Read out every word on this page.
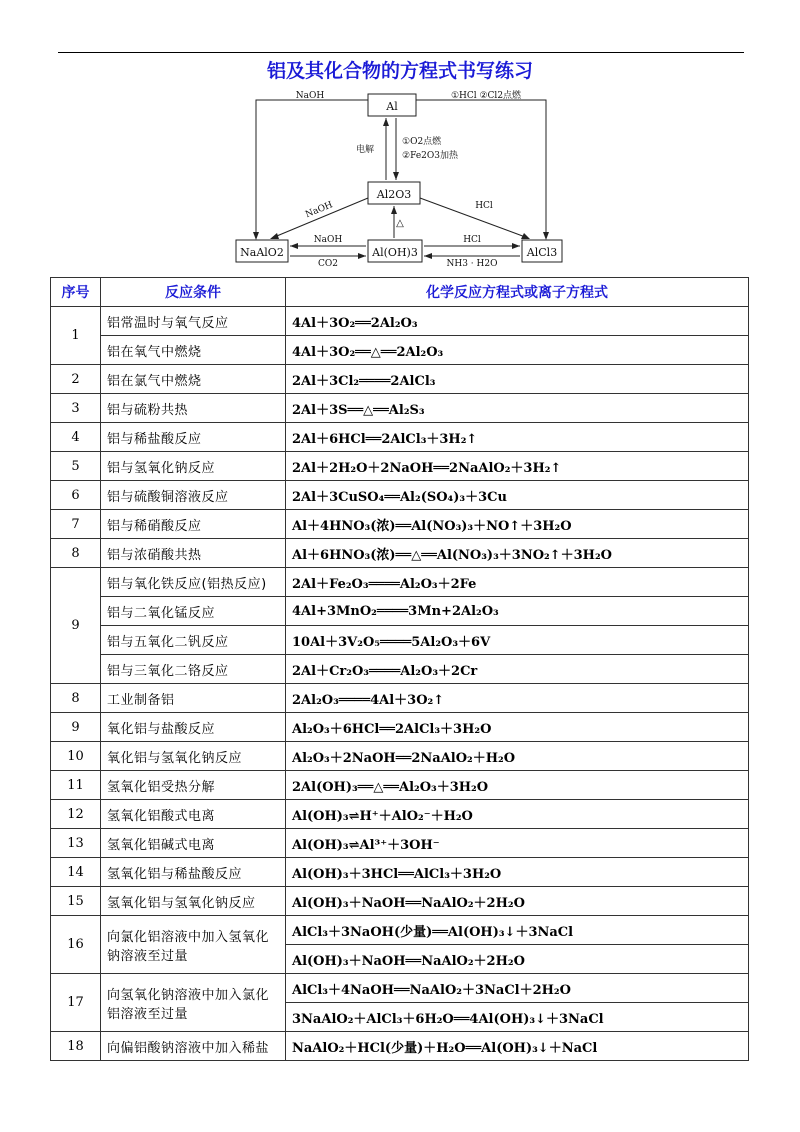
铝及其化合物的方程式书写练习
Al
Al2O3
NaAlO2	Al(OH)3	AlCl3
NaOH	①HCl ②Cl2点燃
电解
①O2点燃
②Fe2O3加热
NaOH	HCl
△
NaOH
CO2
HCl
NH3 · H2O
序号	反应条件	化学反应方程式或离子方程式
1	铝常温时与氧气反应	4Al＋3O₂══2Al₂O₃
	铝在氧气中燃烧	4Al＋3O₂══△══2Al₂O₃
2	铝在氯气中燃烧	2Al＋3Cl₂════2AlCl₃
3	铝与硫粉共热	2Al＋3S══△══Al₂S₃
4	铝与稀盐酸反应	2Al＋6HCl══2AlCl₃＋3H₂↑
5	铝与氢氧化钠反应	2Al＋2H₂O＋2NaOH══2NaAlO₂＋3H₂↑
6	铝与硫酸铜溶液反应	2Al＋3CuSO₄══Al₂(SO₄)₃＋3Cu
7	铝与稀硝酸反应	Al＋4HNO₃(浓)══Al(NO₃)₃＋NO↑＋3H₂O
8	铝与浓硝酸共热	Al＋6HNO₃(浓)══△══Al(NO₃)₃＋3NO₂↑＋3H₂O
9	铝与氧化铁反应(铝热反应)	2Al＋Fe₂O₃════Al₂O₃＋2Fe
	铝与二氧化锰反应	4Al+3MnO₂════3Mn+2Al₂O₃
	铝与五氧化二钒反应	10Al＋3V₂O₅════5Al₂O₃＋6V
	铝与三氧化二铬反应	2Al＋Cr₂O₃════Al₂O₃＋2Cr
8	工业制备铝	2Al₂O₃════4Al＋3O₂↑
9	氧化铝与盐酸反应	Al₂O₃＋6HCl══2AlCl₃＋3H₂O
10	氧化铝与氢氧化钠反应	Al₂O₃＋2NaOH══2NaAlO₂＋H₂O
11	氢氧化铝受热分解	2Al(OH)₃══△══Al₂O₃＋3H₂O
12	氢氧化铝酸式电离	Al(OH)₃⇌H⁺＋AlO₂⁻＋H₂O
13	氢氧化铝碱式电离	Al(OH)₃⇌Al³⁺＋3OH⁻
14	氢氧化铝与稀盐酸反应	Al(OH)₃＋3HCl══AlCl₃＋3H₂O
15	氢氧化铝与氢氧化钠反应	Al(OH)₃＋NaOH══NaAlO₂＋2H₂O
16	向氯化铝溶液中加入氢氧化钠溶液至过量	AlCl₃＋3NaOH(少量)══Al(OH)₃↓＋3NaCl
		Al(OH)₃＋NaOH══NaAlO₂＋2H₂O
17	向氢氧化钠溶液中加入氯化铝溶液至过量	AlCl₃＋4NaOH══NaAlO₂＋3NaCl＋2H₂O
		3NaAlO₂＋AlCl₃＋6H₂O══4Al(OH)₃↓＋3NaCl
18	向偏铝酸钠溶液中加入稀盐	NaAlO₂＋HCl(少量)＋H₂O══Al(OH)₃↓＋NaCl
